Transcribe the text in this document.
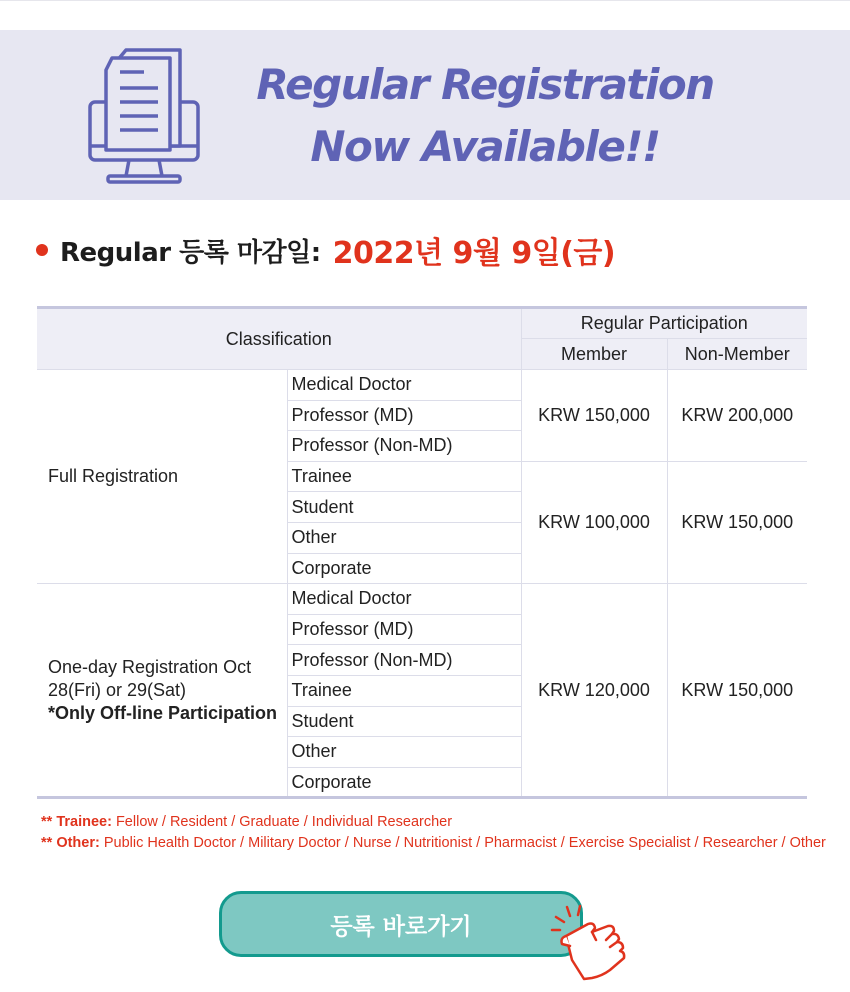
Regular Registration
Now Available!!
Regular 등록 마감일: 2022년 9월 9일(금)
Classification		Regular Participation	
		Member	Non-Member
Full Registration	Medical Doctor	KRW 150,000	KRW 200,000
	Professor (MD)		
	Professor (Non-MD)		
	Trainee	KRW 100,000	KRW 150,000
	Student		
	Other		
	Corporate		
One-day Registration Oct 28(Fri) or 29(Sat)
*Only Off-line Participation	Medical Doctor	KRW 120,000	KRW 150,000
	Professor (MD)		
	Professor (Non-MD)		
	Trainee		
	Student		
	Other		
	Corporate		
** Trainee: Fellow / Resident / Graduate / Individual Researcher
** Other: Public Health Doctor / Military Doctor / Nurse / Nutritionist / Pharmacist / Exercise Specialist / Researcher / Other
등록 바로가기
